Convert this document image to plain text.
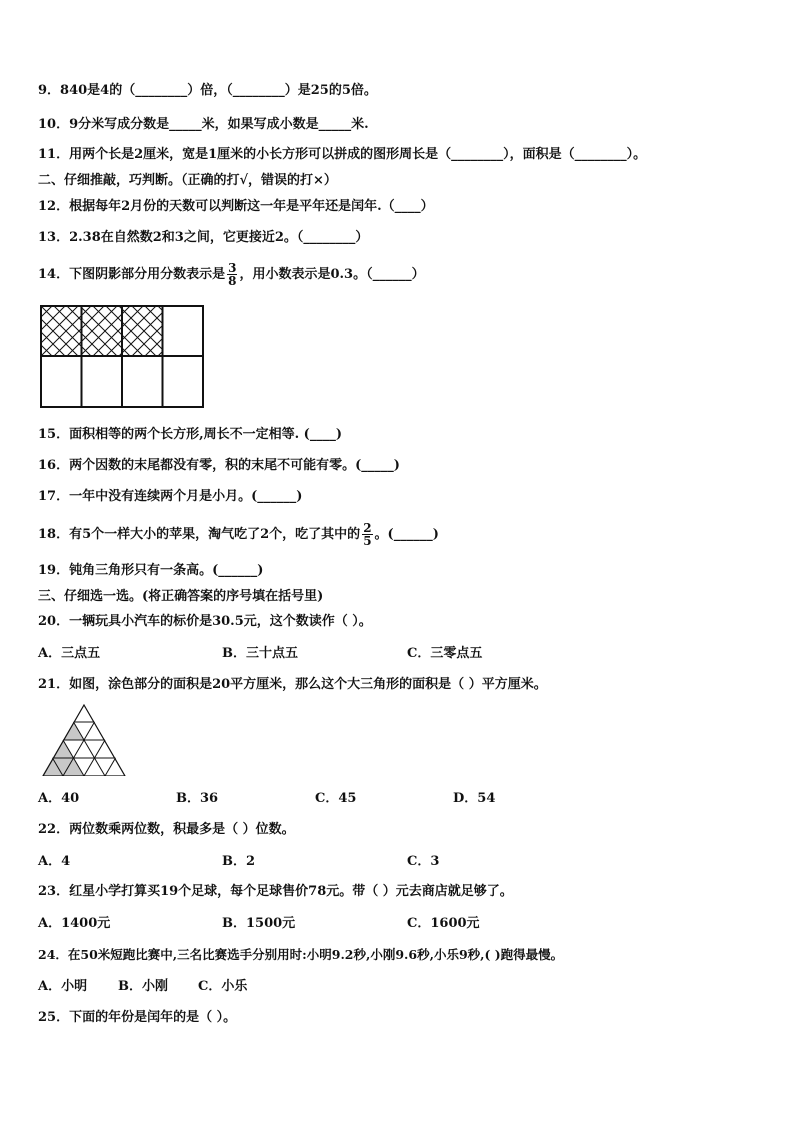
9．840是4的（________）倍，（________）是25的5倍。
10．9分米写成分数是_____米，如果写成小数是_____米.
11．用两个长是2厘米，宽是1厘米的小长方形可以拼成的图形周长是（________），面积是（________）。
二、仔细推敲，巧判断。（正确的打√，错误的打×）
12．根据每年2月份的天数可以判断这一年是平年还是闰年.（____）
13．2.38在自然数2和3之间，它更接近2。（________）
14．下图阴影部分用分数表示是 $\frac{3}{8}$ ，用小数表示是0.3。（______）
15．面积相等的两个长方形,周长不一定相等. (____)
16．两个因数的末尾都没有零，积的末尾不可能有零。(_____)
17．一年中没有连续两个月是小月。(______)
18．有5个一样大小的苹果，淘气吃了2个，吃了其中的 $\frac{2}{5}$ 。(______)
19．钝角三角形只有一条高。(______)
三、仔细选一选。(将正确答案的序号填在括号里)
20．一辆玩具小汽车的标价是30.5元，这个数读作（ ）。
A．三点五	B．三十点五	C．三零点五
21．如图，涂色部分的面积是20平方厘米，那么这个大三角形的面积是（ ）平方厘米。
A．40	B．36	C．45	D．54
22．两位数乘两位数，积最多是（ ）位数。
A．4	B．2	C．3
23．红星小学打算买19个足球，每个足球售价78元。带（ ）元去商店就足够了。
A．1400元	B．1500元	C．1600元
24．在50米短跑比赛中,三名比赛选手分别用时:小明9.2秒,小刚9.6秒,小乐9秒,( )跑得最慢。
A．小明 B．小刚 C．小乐
25．下面的年份是闰年的是（ ）。
